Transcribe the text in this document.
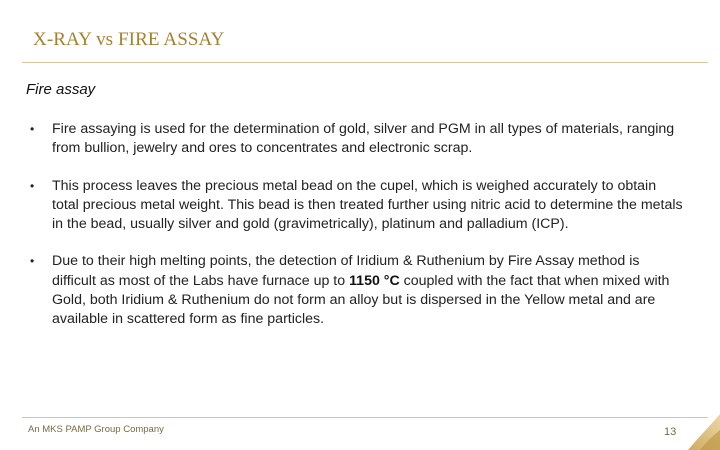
X-RAY vs FIRE ASSAY
Fire assay
• Fire assaying is used for the determination of gold, silver and PGM in all types of materials, ranging from bullion, jewelry and ores to concentrates and electronic scrap.
• This process leaves the precious metal bead on the cupel, which is weighed accurately to obtain total precious metal weight. This bead is then treated further using nitric acid to determine the metals in the bead, usually silver and gold (gravimetrically), platinum and palladium (ICP).
• Due to their high melting points, the detection of Iridium & Ruthenium by Fire Assay method is difficult as most of the Labs have furnace up to 1150 °C coupled with the fact that when mixed with Gold, both Iridium & Ruthenium do not form an alloy but is dispersed in the Yellow metal and are available in scattered form as fine particles.
An MKS PAMP Group Company	13
